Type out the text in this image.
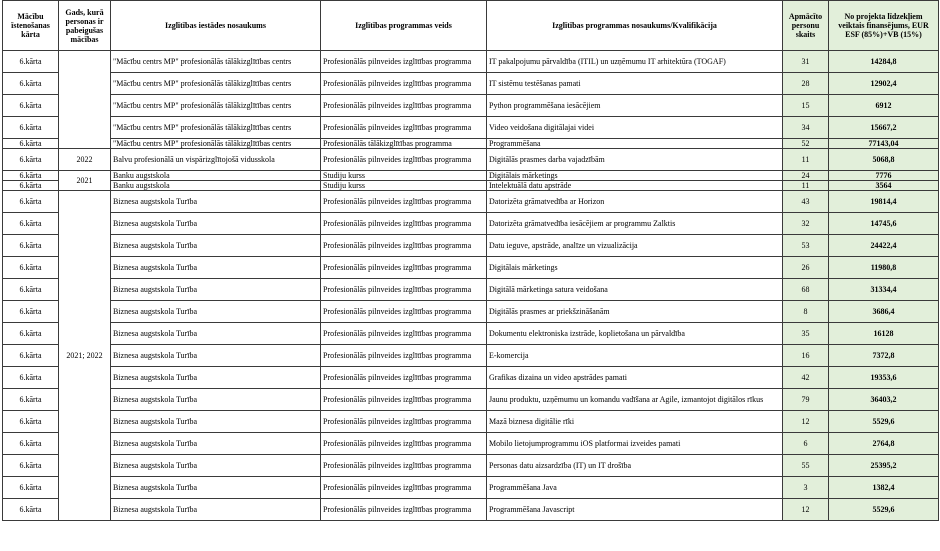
Mācību īstenošanas kārta	Gads, kurā personas ir pabeigušas mācības	Izglītības iestādes nosaukums	Izglītības programmas veids	Izglītības programmas nosaukums/Kvalifikācija	Apmācīto personu skaits	No projekta līdzekļiem veiktais finansējums, EUR ESF (85%)+VB (15%)
6.kārta		"Mācību centrs MP" profesionālās tālākizglītības centrs	Profesionālās pilnveides izglītības programma	IT pakalpojumu pārvaldība (ITIL) un uzņēmumu IT arhitektūra (TOGAF)	31	14284,8
6.kārta		"Mācību centrs MP" profesionālās tālākizglītības centrs	Profesionālās pilnveides izglītības programma	IT sistēmu testēšanas pamati	28	12902,4
6.kārta		"Mācību centrs MP" profesionālās tālākizglītības centrs	Profesionālās pilnveides izglītības programma	Python programmēšana iesācējiem	15	6912
6.kārta		"Mācību centrs MP" profesionālās tālākizglītības centrs	Profesionālās pilnveides izglītības programma	Video veidošana digitālajai videi	34	15667,2
6.kārta		"Mācību centrs MP" profesionālās tālākizglītības centrs	Profesionālās tālākizglītības programma	Programmēšana	52	77143,04
6.kārta	2022	Balvu profesionālā un vispārizglītojošā vidusskola	Profesionālās pilnveides izglītības programma	Digitālās prasmes darba vajadzībām	11	5068,8
6.kārta	2021	Banku augstskola	Studiju kurss	Digitālais mārketings	24	7776
6.kārta		Banku augstskola	Studiju kurss	Intelektuālā datu apstrāde	11	3564
6.kārta	2021; 2022	Biznesa augstskola Turība	Profesionālās pilnveides izglītības programma	Datorizēta grāmatvedība ar Horizon	43	19814,4
6.kārta		Biznesa augstskola Turība	Profesionālās pilnveides izglītības programma	Datorizēta grāmatvedība iesācējiem ar programmu Zalktis	32	14745,6
6.kārta		Biznesa augstskola Turība	Profesionālās pilnveides izglītības programma	Datu ieguve, apstrāde, analīze un vizualizācija	53	24422,4
6.kārta		Biznesa augstskola Turība	Profesionālās pilnveides izglītības programma	Digitālais mārketings	26	11980,8
6.kārta		Biznesa augstskola Turība	Profesionālās pilnveides izglītības programma	Digitālā mārketinga satura veidošana	68	31334,4
6.kārta		Biznesa augstskola Turība	Profesionālās pilnveides izglītības programma	Digitālās prasmes ar priekšzināšanām	8	3686,4
6.kārta		Biznesa augstskola Turība	Profesionālās pilnveides izglītības programma	Dokumentu elektroniska izstrāde, koplietošana un pārvaldība	35	16128
6.kārta		Biznesa augstskola Turība	Profesionālās pilnveides izglītības programma	E-komercija	16	7372,8
6.kārta		Biznesa augstskola Turība	Profesionālās pilnveides izglītības programma	Grafikas dizaina un video apstrādes pamati	42	19353,6
6.kārta		Biznesa augstskola Turība	Profesionālās pilnveides izglītības programma	Jaunu produktu, uzņēmumu un komandu vadīšana ar Agile, izmantojot digitālos rīkus	79	36403,2
6.kārta		Biznesa augstskola Turība	Profesionālās pilnveides izglītības programma	Mazā biznesa digitālie rīki	12	5529,6
6.kārta		Biznesa augstskola Turība	Profesionālās pilnveides izglītības programma	Mobilo lietojumprogrammu iOS platformai izveides pamati	6	2764,8
6.kārta		Biznesa augstskola Turība	Profesionālās pilnveides izglītības programma	Personas datu aizsardzība (IT) un IT drošība	55	25395,2
6.kārta		Biznesa augstskola Turība	Profesionālās pilnveides izglītības programma	Programmēšana Java	3	1382,4
6.kārta		Biznesa augstskola Turība	Profesionālās pilnveides izglītības programma	Programmēšana Javascript	12	5529,6
